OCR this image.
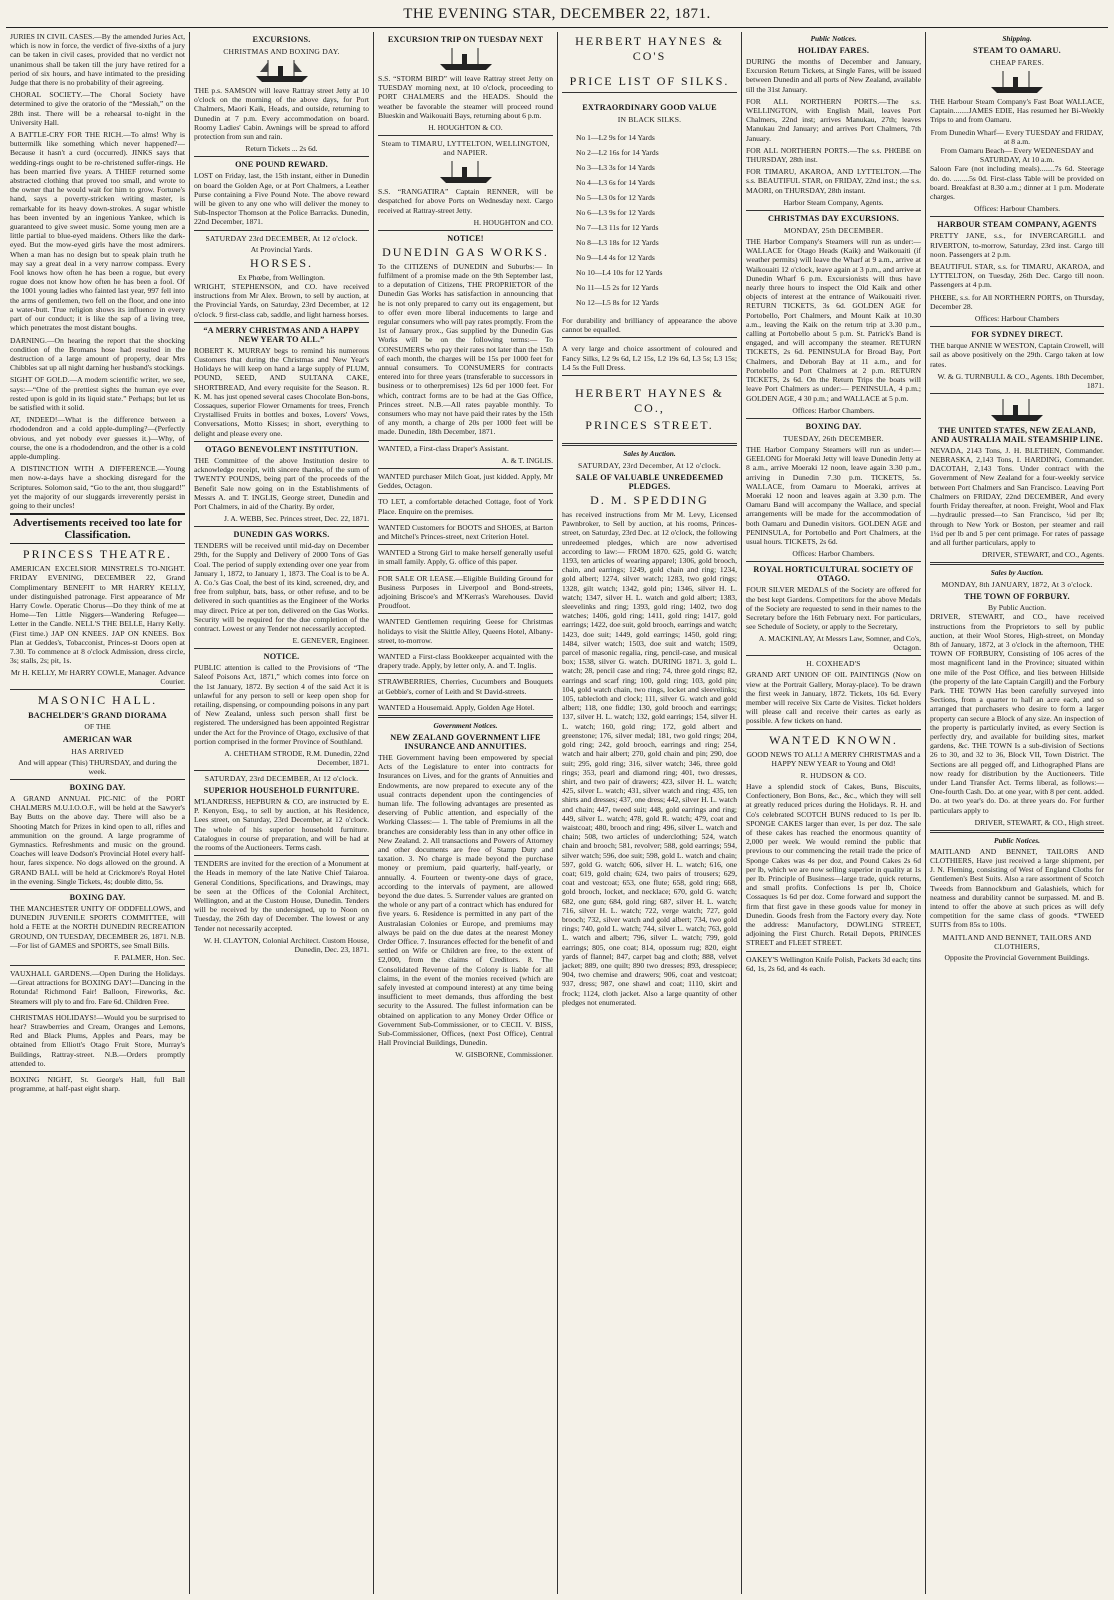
THE EVENING STAR, DECEMBER 22, 1871.

JURIES IN CIVIL CASES.—By the amended Juries Act, which is now in force, the verdict of five-sixths of a jury can be taken in civil cases, provided that no verdict not unanimous shall be taken till the jury have retired for a period of six hours, and have intimated to the presiding Judge that there is no probability of their agreeing.

CHORAL SOCIETY.—The Choral Society have determined to give the oratorio of the “Messiah,” on the 28th inst. There will be a rehearsal to-night in the University Hall.

A BATTLE-CRY FOR THE RICH.—To alms! Why is buttermilk like something which never happened?—Because it hasn't a curd (occurred). JINKS says that wedding-rings ought to be re-christened suffer-rings. He has been married five years. A THIEF returned some abstracted clothing that proved too small, and wrote to the owner that he would wait for him to grow. Fortune's hand, says a poverty-stricken writing master, is remarkable for its heavy down-strokes. A sugar whistle has been invented by an ingenious Yankee, which is guaranteed to give sweet music. Some young men are a little partial to blue-eyed maidens. Others like the dark-eyed. But the mow-eyed girls have the most admirers. When a man has no design but to speak plain truth he may say a great deal in a very narrow compass. Every Fool knows how often he has been a rogue, but every rogue does not know how often he has been a fool. Of the 1001 young ladies who fainted last year, 997 fell into the arms of gentlemen, two fell on the floor, and one into a water-butt. True religion shows its influence in every part of our conduct; it is like the sap of a living tree, which penetrates the most distant boughs.

DARNING.—On hearing the report that the shocking condition of the Bromans hose had resulted in the destruction of a large amount of property, dear Mrs Chibbles sat up all night darning her husband's stockings.

SIGHT OF GOLD.—A modern scientific writer, we see, says:—“One of the prettiest sights the human eye ever rested upon is gold in its liquid state.” Perhaps; but let us be satisfied with it solid.

AT, INDEED!—What is the difference between a rhododendron and a cold apple-dumpling?—(Perfectly obvious, and yet nobody ever guesses it.)—Why, of course, the one is a rhododendron, and the other is a cold apple-dumpling.

A DISTINCTION WITH A DIFFERENCE.—Young men now-a-days have a shocking disregard for the Scriptures. Solomon said, “Go to the ant, thou sluggard!” yet the majority of our sluggards irreverently persist in going to their uncles!

Advertisements received too late for Classification.
PRINCESS THEATRE.

AMERICAN EXCELSIOR MINSTRELS TO-NIGHT. FRIDAY EVENING, DECEMBER 22, Grand Complimentary BENEFIT to MR HARRY KELLY, under distinguished patronage. First appearance of Mr Harry Cowle. Operatic Chorus—Do they think of me at Home—Ten Little Niggers—Wandering Refugee—Letter in the Candle. NELL'S THE BELLE, Harry Kelly. (First time.) JAP ON KNEES. JAP ON KNEES. Box Plan at Geddes's, Tobacconist, Princes-st Doors open at 7.30. To commence at 8 o'clock Admission, dress circle, 3s; stalls, 2s; pit, 1s.

Mr H. KELLY, Mr HARRY COWLE, Manager. Advance Courier.

MASONIC HALL.
BACHELDER'S GRAND DIORAMA
OF THE
AMERICAN WAR
HAS ARRIVED
And will appear (This) THURSDAY, and during the week.
BOXING DAY.

A GRAND ANNUAL PIC-NIC of the PORT CHALMERS M.U.I.O.O.F., will be held at the Sawyer's Bay Butts on the above day. There will also be a Shooting Match for Prizes in kind open to all, rifles and ammunition on the ground. A large programme of Gymnastics. Refreshments and music on the ground. Coaches will leave Dodson's Provincial Hotel every half-hour, fares sixpence. No dogs allowed on the ground. A GRAND BALL will be held at Crickmore's Royal Hotel in the evening. Single Tickets, 4s; double ditto, 5s.

BOXING DAY.

THE MANCHESTER UNITY OF ODDFELLOWS, and DUNEDIN JUVENILE SPORTS COMMITTEE, will hold a FETE at the NORTH DUNEDIN RECREATION GROUND, ON TUESDAY, DECEMBER 26, 1871. N.B.—For list of GAMES and SPORTS, see Small Bills.

F. PALMER, Hon. Sec.

VAUXHALL GARDENS.—Open During the Holidays.—Great attractions for BOXING DAY!—Dancing in the Rotunda! Richmond Fair! Balloon, Fireworks, &c. Steamers will ply to and fro. Fare 6d. Children Free.

CHRISTMAS HOLIDAYS!—Would you be surprised to hear? Strawberries and Cream, Oranges and Lemons, Red and Black Plums, Apples and Pears, may be obtained from Elliott's Otago Fruit Store, Murray's Buildings, Rattray-street. N.B.—Orders promptly attended to.

BOXING NIGHT, St. George's Hall, full Ball programme, at half-past eight sharp.

EXCURSIONS.
CHRISTMAS AND BOXING DAY.

THE p.s. SAMSON will leave Rattray street Jetty at 10 o'clock on the morning of the above days, for Port Chalmers, Maori Kaik, Heads, and outside, returning to Dunedin at 7 p.m. Every accommodation on board. Roomy Ladies' Cabin. Awnings will be spread to afford protection from sun and rain.

Return Tickets ... 2s 6d.

ONE POUND REWARD.

LOST on Friday, last, the 15th instant, either in Dunedin on board the Golden Age, or at Port Chalmers, a Leather Purse containing a Five Pound Note. The above reward will be given to any one who will deliver the money to Sub-Inspector Thomson at the Police Barracks. Dunedin, 22nd December, 1871.

SATURDAY 23rd DECEMBER, At 12 o'clock.
At Provincial Yards.
HORSES.
Ex Phœbe, from Wellington.

WRIGHT, STEPHENSON, and CO. have received instructions from Mr Alex. Brown, to sell by auction, at the Provincial Yards, on Saturday, 23rd December, at 12 o'clock. 9 first-class cab, saddle, and light harness horses.

“A MERRY CHRISTMAS AND A HAPPY NEW YEAR TO ALL.”

ROBERT K. MURRAY begs to remind his numerous Customers that during the Christmas and New Year's Holidays he will keep on hand a large supply of PLUM, POUND, SEED, AND SULTANA CAKE, SHORTBREAD, And every requisite for the Season. R. K. M. has just opened several cases Chocolate Bon-bons, Cossaques, superior Flower Ornaments for trees, French Crystallised Fruits in bottles and boxes, Lovers' Vows, Conversations, Motto Kisses; in short, everything to delight and please every one.

OTAGO BENEVOLENT INSTITUTION.

THE Committee of the above Institution desire to acknowledge receipt, with sincere thanks, of the sum of TWENTY POUNDS, being part of the proceeds of the Benefit Sale now going on in the Establishments of Messrs A. and T. INGLIS, George street, Dunedin and Port Chalmers, in aid of the Charity. By order,

J. A. WEBB, Sec. Princes street, Dec. 22, 1871.

DUNEDIN GAS WORKS.

TENDERS will be received until mid-day on December 29th, for the Supply and Delivery of 2000 Tons of Gas Coal. The period of supply extending over one year from January 1, 1872, to January 1, 1873. The Coal is to be A. A. Co.'s Gas Coal, the best of its kind, screened, dry, and free from sulphur, bats, bass, or other refuse, and to be delivered in such quantities as the Engineer of the Works may direct. Price at per ton, delivered on the Gas Works. Security will be required for the due completion of the contract. Lowest or any Tender not necessarily accepted.

E. GENEVER, Engineer.

NOTICE.

PUBLIC attention is called to the Provisions of “The Saleof Poisons Act, 1871,” which comes into force on the 1st January, 1872. By section 4 of the said Act it is unlawful for any person to sell or keep open shop for retailing, dispensing, or compounding poisons in any part of New Zealand, unless such person shall first be registered. The undersigned has been appointed Registrar under the Act for the Province of Otago, exclusive of that portion comprised in the former Province of Southland.

A. CHETHAM STRODE, R.M. Dunedin, 22nd December, 1871.

SATURDAY, 23rd DECEMBER, At 12 o'clock.
SUPERIOR HOUSEHOLD FURNITURE.

M'LANDRESS, HEPBURN & CO, are instructed by E. P. Kenyon, Esq., to sell by auction, at his Residence, Lees street, on Saturday, 23rd December, at 12 o'clock. The whole of his superior household furniture. Catalogues in course of preparation, and will be had at the rooms of the Auctioneers. Terms cash.

TENDERS are invited for the erection of a Monument at the Heads in memory of the late Native Chief Taiaroa. General Conditions, Specifications, and Drawings, may be seen at the Offices of the Colonial Architect, Wellington, and at the Custom House, Dunedin. Tenders will be received by the undersigned, up to Noon on Tuesday, the 26th day of December. The lowest or any Tender not necessarily accepted.

W. H. CLAYTON, Colonial Architect. Custom House, Dunedin, Dec. 23, 1871.

EXCURSION TRIP ON TUESDAY NEXT

S.S. “STORM BIRD” will leave Rattray street Jetty on TUESDAY morning next, at 10 o'clock, proceeding to PORT CHALMERS and the HEADS. Should the weather be favorable the steamer will proceed round Blueskin and Waikouaiti Bays, returning about 6 p.m.

H. HOUGHTON & CO.

Steam to TIMARU, LYTTELTON, WELLINGTON, and NAPIER.

S.S. “RANGATIRA” Captain RENNER, will be despatched for above Ports on Wednesday next. Cargo received at Rattray-street Jetty.

H. HOUGHTON and CO.

NOTICE!
DUNEDIN GAS WORKS.

To the CITIZENS of DUNEDIN and Suburbs:— In fulfilment of a promise made on the 9th September last, to a deputation of Citizens, THE PROPRIETOR of the Dunedin Gas Works has satisfaction in announcing that he is not only prepared to carry out its engagement, but to offer even more liberal inducements to large and regular consumers who will pay rates promptly. From the 1st of January prox., Gas supplied by the Dunedin Gas Works will be on the following terms:— To CONSUMERS who pay their rates not later than the 15th of each month, the charges will be 15s per 1000 feet for annual consumers. To CONSUMERS for contracts entered into for three years (transferable to successors in business or to otherpremises) 12s 6d per 1000 feet. For which, contract forms are to be had at the Gas Office, Princes street. N.B.—All rates payable monthly. To consumers who may not have paid their rates by the 15th of any month, a charge of 20s per 1000 feet will be made. Dunedin, 18th December, 1871.

WANTED, a First-class Draper's Assistant.

A. & T. INGLIS.

WANTED purchaser Milch Goat, just kidded. Apply, Mr Geddes, Octagon.

TO LET, a comfortable detached Cottage, foot of York Place. Enquire on the premises.

WANTED Customers for BOOTS and SHOES, at Barton and Mitchel's Princes-street, next Criterion Hotel.

WANTED a Strong Girl to make herself generally useful in small family. Apply, G. office of this paper.

FOR SALE OR LEASE.—Eligible Building Ground for Business Purposes in Liverpool and Bond-streets, adjoining Briscoe's and M'Kerras's Warehouses. David Proudfoot.

WANTED Gentlemen requiring Geese for Christmas holidays to visit the Skittle Alley, Queens Hotel, Albany-street, to-morrow.

WANTED a First-class Bookkeeper acquainted with the drapery trade. Apply, by letter only, A. and T. Inglis.

STRAWBERRIES, Cherries, Cucumbers and Bouquets at Gebbie's, corner of Leith and St David-streets.

WANTED a Housemaid. Apply, Golden Age Hotel.

Government Notices.
NEW ZEALAND GOVERNMENT LIFE INSURANCE AND ANNUITIES.

THE Government having been empowered by special Acts of the Legislature to enter into contracts for Insurances on Lives, and for the grants of Annuities and Endowments, are now prepared to execute any of the usual contracts dependent upon the contingencies of human life. The following advantages are presented as deserving of Public attention, and especially of the Working Classes:— 1. The table of Premiums in all the branches are considerably less than in any other office in New Zealand. 2. All transactions and Powers of Attorney and other documents are free of Stamp Duty and taxation. 3. No charge is made beyond the purchase money or premium, paid quarterly, half-yearly, or annually. 4. Fourteen or twenty-one days of grace, according to the intervals of payment, are allowed beyond the due dates. 5. Surrender values are granted on the whole or any part of a contract which has endured for five years. 6. Residence is permitted in any part of the Australasian Colonies or Europe, and premiums may always be paid on the due dates at the nearest Money Order Office. 7. Insurances effected for the benefit of and settled on Wife or Children are free, to the extent of £2,000, from the claims of Creditors. 8. The Consolidated Revenue of the Colony is liable for all claims, in the event of the monies received (which are safely invested at compound interest) at any time being insufficient to meet demands, thus affording the best security to the Assured. The fullest information can be obtained on application to any Money Order Office or Government Sub-Commissioner, or to CECIL V. BISS, Sub-Commissioner, Offices, (next Post Office), Central Hall Provincial Buildings, Dunedin.

W. GISBORNE, Commissioner.

HERBERT HAYNES & CO'S
PRICE LIST OF SILKS.
EXTRAORDINARY GOOD VALUE
IN BLACK SILKS.
No 1—L2 9s for 14 Yards
No 2—L2 16s for 14 Yards
No 3—L3 3s for 14 Yards
No 4—L3 6s for 14 Yards
No 5—L3 0s for 12 Yards
No 6—L3 9s for 12 Yards
No 7—L3 11s for 12 Yards
No 8—L3 18s for 12 Yards
No 9—L4 4s for 12 Yards
No 10—L4 10s for 12 Yards
No 11—L5 2s for 12 Yards
No 12—L5 8s for 12 Yards

For durability and brilliancy of appearance the above cannot be equalled.

A very large and choice assortment of coloured and Fancy Silks, L2 9s 6d, L2 15s, L2 19s 6d, L3 5s; L3 15s; L4 5s the Full Dress.

HERBERT HAYNES & CO.,
PRINCES STREET.
Sales by Auction.
SATURDAY, 23rd December, At 12 o'clock.
SALE OF VALUABLE UNREDEEMED PLEDGES.
D. M. SPEDDING

has received instructions from Mr M. Levy, Licensed Pawnbroker, to Sell by auction, at his rooms, Princes-street, on Saturday, 23rd Dec. at 12 o'clock, the following unredeemed pledges, which are now advertised according to law:— FROM 1870. 625, gold G. watch; 1193, ten articles of wearing apparel; 1306, gold brooch, chain, and earrings; 1249, gold chain and ring; 1234, gold albert; 1274, silver watch; 1283, two gold rings; 1328, gilt watch; 1342, gold pin; 1346, silver H. L. watch; 1347, silver H. L. watch and gold albert; 1383, sleevelinks and ring; 1393, gold ring; 1402, two dog watches; 1406, gold ring; 1411, gold ring; 1417, gold earrings; 1422, doe suit, gold brooch, earrings and watch; 1423, doe suit; 1449, gold earrings; 1450, gold ring; 1484, silver watch; 1503, doe suit and watch; 1509, parcel of masonic regalia, ring, pencil-case, and musical box; 1538, silver G. watch. DURING 1871. 3, gold L. watch; 28, pencil case and ring; 74, three gold rings; 82, earrings and scarf ring; 100, gold ring; 103, gold pin; 104, gold watch chain, two rings, locket and sleevelinks; 105, tablecloth and clock; 111, silver G. watch and gold albert; 118, one fiddle; 130, gold brooch and earrings; 137, silver H. L. watch; 132, gold earrings; 154, silver H. L. watch; 160, gold ring; 172, gold albert and greenstone; 176, silver medal; 181, two gold rings; 204, gold ring; 242, gold brooch, earrings and ring; 254, watch and hair albert; 270, gold chain and pin; 290, doe suit; 295, gold ring; 316, silver watch; 346, three gold rings; 353, pearl and diamond ring; 401, two dresses, shirt, and two pair of drawers; 423, silver H. L. watch; 425, silver L. watch; 431, silver watch and ring; 435, ten shirts and dresses; 437, one dress; 442, silver H. L. watch and chain; 447, tweed suit; 448, gold earrings and ring; 449, silver L. watch; 478, gold R. watch; 479, coat and waistcoat; 480, brooch and ring; 496, silver L. watch and chain; 508, two articles of underclothing; 524, watch chain and brooch; 581, revolver; 588, gold earrings; 594, silver watch; 596, doe suit; 598, gold L. watch and chain; 597, gold G. watch; 606, silver H. L. watch; 616, one coat; 619, gold chain; 624, two pairs of trousers; 629, coat and vestcoat; 653, one flute; 658, gold ring; 668, gold brooch, locket, and necklace; 670, gold G. watch; 682, one gun; 684, gold ring; 687, silver H. L. watch; 716, silver H. L. watch; 722, verge watch; 727, gold brooch; 732, silver watch and gold albert; 734, two gold rings; 740, gold L. watch; 744, silver L. watch; 763, gold L. watch and albert; 796, silver L. watch; 799, gold earrings; 805, one coat; 814, opossum rug; 820, eight yards of flannel; 847, carpet bag and cloth; 888, velvet jacket; 889, one quilt; 890 two dresses; 893, dresspiece; 904, two chemise and drawers; 906, coat and vestcoat; 937, dress; 987, one shawl and coat; 1110, skirt and frock; 1124, cloth jacket. Also a large quantity of other pledges not enumerated.

Public Notices.
HOLIDAY FARES.

DURING the months of December and January, Excursion Return Tickets, at Single Fares, will be issued between Dunedin and all ports of New Zealand, available till the 31st January.

FOR ALL NORTHERN PORTS.—The s.s. WELLINGTON, with English Mail, leaves Port Chalmers, 22nd inst; arrives Manukau, 27th; leaves Manukau 2nd January; and arrives Port Chalmers, 7th January.

FOR ALL NORTHERN PORTS.—The s.s. PHŒBE on THURSDAY, 28th inst.

FOR TIMARU, AKAROA, AND LYTTELTON.—The s.s. BEAUTIFUL STAR, on FRIDAY, 22nd inst.; the s.s. MAORI, on THURSDAY, 28th instant.

Harbor Steam Company, Agents.

CHRISTMAS DAY EXCURSIONS.
MONDAY, 25th DECEMBER.

THE Harbor Company's Steamers will run as under:— WALLACE for Otago Heads (Kaik) and Waikouaiti (if weather permits) will leave the Wharf at 9 a.m., arrive at Waikouaiti 12 o'clock, leave again at 3 p.m., and arrive at Dunedin Wharf 6 p.m. Excursionists will thus have nearly three hours to inspect the Old Kaik and other objects of interest at the entrance of Waikouaiti river. RETURN TICKETS, 3s 6d. GOLDEN AGE for Portobello, Port Chalmers, and Mount Kaik at 10.30 a.m., leaving the Kaik on the return trip at 3.30 p.m., calling at Portobello about 5 p.m. St. Patrick's Band is engaged, and will accompany the steamer. RETURN TICKETS, 2s 6d. PENINSULA for Broad Bay, Port Chalmers, and Deborah Bay at 11 a.m., and for Portobello and Port Chalmers at 2 p.m. RETURN TICKETS, 2s 6d. On the Return Trips the boats will leave Port Chalmers as under:— PENINSULA, 4 p.m.; GOLDEN AGE, 4 30 p.m.; and WALLACE at 5 p.m.

Offices: Harbor Chambers.

BOXING DAY.
TUESDAY, 26th DECEMBER.

THE Harbor Company Steamers will run as under:— GEELONG for Moeraki Jetty will leave Dunedin Jetty at 8 a.m., arrive Moeraki 12 noon, leave again 3.30 p.m., arriving in Dunedin 7.30 p.m. TICKETS, 5s. WALLACE, from Oamaru to Moeraki, arrives at Moeraki 12 noon and leaves again at 3.30 p.m. The Oamaru Band will accompany the Wallace, and special arrangements will be made for the accommodation of both Oamaru and Dunedin visitors. GOLDEN AGE and PENINSULA, for Portobello and Port Chalmers, at the usual hours. TICKETS, 2s 6d.

Offices: Harbor Chambers.

ROYAL HORTICULTURAL SOCIETY OF OTAGO.

FOUR SILVER MEDALS of the Society are offered for the best kept Gardens. Competitors for the above Medals of the Society are requested to send in their names to the Secretary before the 16th February next. For particulars, see Schedule of Society, or apply to the Secretary,

A. MACKINLAY, At Messrs Law, Somner, and Co's, Octagon.

H. COXHEAD'S

GRAND ART UNION OF OIL PAINTINGS (Now on view at the Portrait Gallery, Moray-place). To be drawn the first week in January, 1872. Tickets, 10s 6d. Every member will receive Six Carte de Visites. Ticket holders will please call and receive their cartes as early as possible. A few tickets on hand.

WANTED KNOWN.
GOOD NEWS TO ALL! A MERRY CHRISTMAS and a HAPPY NEW YEAR to Young and Old!
R. HUDSON & CO.

Have a splendid stock of Cakes, Buns, Biscuits, Confectionery, Bon Bons, &c., &c., which they will sell at greatly reduced prices during the Holidays. R. H. and Co's celebrated SCOTCH BUNS reduced to 1s per lb. SPONGE CAKES larger than ever, 1s per doz. The sale of these cakes has reached the enormous quantity of 2,000 per week. We would remind the public that previous to our commencing the retail trade the price of Sponge Cakes was 4s per doz, and Pound Cakes 2s 6d per lb, which we are now selling superior in quality at 1s per lb. Principle of Business—large trade, quick returns, and small profits. Confections 1s per lb, Choice Cossaques 1s 6d per doz. Come forward and support the firm that first gave in these goods value for money in Dunedin. Goods fresh from the Factory every day. Note the address: Manufactory, DOWLING STREET, adjoining the First Church. Retail Depots, PRINCES STREET and FLEET STREET.

OAKEY'S Wellington Knife Polish, Packets 3d each; tins 6d, 1s, 2s 6d, and 4s each.

Shipping.
STEAM TO OAMARU.
CHEAP FARES.

THE Harbour Steam Company's Fast Boat WALLACE, Captain........JAMES EDIE, Has resumed her Bi-Weekly Trips to and from Oamaru.

From Dunedin Wharf— Every TUESDAY and FRIDAY, at 8 a.m.

From Oamaru Beach— Every WEDNESDAY and SATURDAY, At 10 a.m.

Saloon Fare (not including meals)........7s 6d. Steerage do. do. ........5s 0d. First-class Table will be provided on board. Breakfast at 8.30 a.m.; dinner at 1 p.m. Moderate charges.

Offices: Harbour Chambers.

HARBOUR STEAM COMPANY, AGENTS

PRETTY JANE, s.s., for INVERCARGILL and RIVERTON, to-morrow, Saturday, 23rd inst. Cargo till noon. Passengers at 2 p.m.

BEAUTIFUL STAR, s.s. for TIMARU, AKAROA, and LYTTELTON, on Tuesday, 26th Dec. Cargo till noon. Passengers at 4 p.m.

PHŒBE, s.s. for All NORTHERN PORTS, on Thursday, December 28.

Offices: Harbour Chambers

FOR SYDNEY DIRECT.

THE barque ANNIE W WESTON, Captain Crowell, will sail as above positively on the 29th. Cargo taken at low rates.

W. & G. TURNBULL & CO., Agents. 18th December, 1871.

THE UNITED STATES, NEW ZEALAND, AND AUSTRALIA MAIL STEAMSHIP LINE.

NEVADA, 2143 Tons, J. H. BLETHEN, Commander. NEBRASKA, 2,143 Tons, I. HARDING, Commander. DACOTAH, 2,143 Tons. Under contract with the Government of New Zealand for a four-weekly service between Port Chalmers and San Francisco. Leaving Port Chalmers on FRIDAY, 22nd DECEMBER, And every fourth Friday thereafter, at noon. Freight, Wool and Flax—hydraulic pressed—to San Francisco, ¼d per lb; through to New York or Boston, per steamer and rail 1¼d per lb and 5 per cent primage. For rates of passage and all further particulars, apply to

DRIVER, STEWART, and CO., Agents.

Sales by Auction.
MONDAY, 8th JANUARY, 1872, At 3 o'clock.
THE TOWN OF FORBURY.
By Public Auction.

DRIVER, STEWART, and CO., have received instructions from the Proprietors to sell by public auction, at their Wool Stores, High-street, on Monday 8th of January, 1872, at 3 o'clock in the afternoon, THE TOWN OF FORBURY, Consisting of 106 acres of the most magnificent land in the Province; situated within one mile of the Post Office, and lies between Hillside (the property of the late Captain Cargill) and the Forbury Park. THE TOWN Has been carefully surveyed into Sections, from a quarter to half an acre each, and so arranged that purchasers who desire to form a larger property can secure a Block of any size. An inspection of the property is particularly invited, as every Section is perfectly dry, and available for building sites, market gardens, &c. THE TOWN Is a sub-division of Sections 26 to 30, and 32 to 36, Block VII, Town District. The Sections are all pegged off, and Lithographed Plans are now ready for distribution by the Auctioneers. Title under Land Transfer Act. Terms liberal, as follows:— One-fourth Cash. Do. at one year, with 8 per cent. added. Do. at two year's do. Do. at three years do. For further particulars apply to

DRIVER, STEWART, & CO., High street.

Public Notices.

MAITLAND AND BENNET, TAILORS AND CLOTHIERS, Have just received a large shipment, per J. N. Fleming, consisting of West of England Cloths for Gentlemen's Best Suits. Also a rare assortment of Scotch Tweeds from Bannockburn and Galashiels, which for neatness and durability cannot be surpassed. M. and B. intend to offer the above at such prices as will defy competition for the same class of goods. *TWEED SUITS from 85s to 100s.

MAITLAND AND BENNET, TAILORS AND CLOTHIERS,
Opposite the Provincial Government Buildings.
